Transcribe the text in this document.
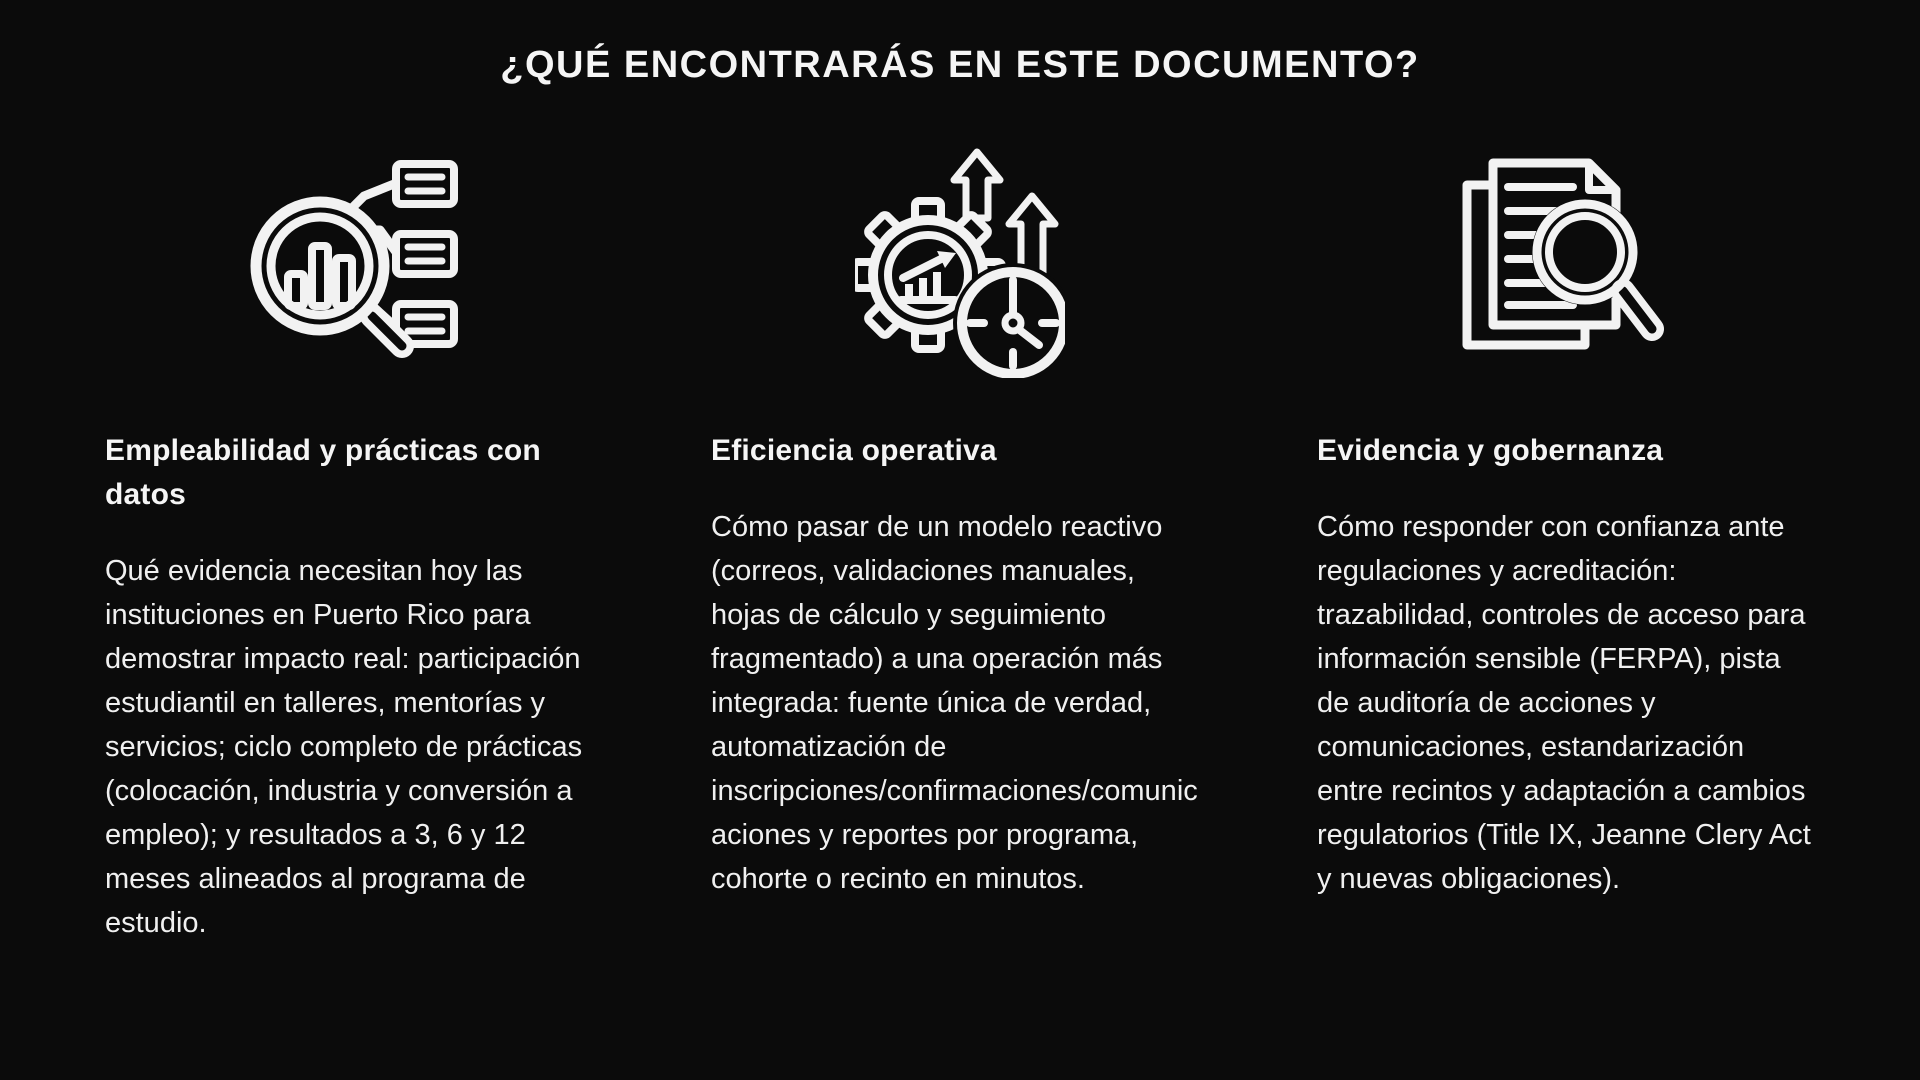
¿QUÉ ENCONTRARÁS EN ESTE DOCUMENTO?
Empleabilidad y prácticas con datos

Qué evidencia necesitan hoy las instituciones en Puerto Rico para demostrar impacto real: participación estudiantil en talleres, mentorías y servicios; ciclo completo de prácticas (colocación, industria y conversión a empleo); y resultados a 3, 6 y 12 meses alineados al programa de estudio.

Eficiencia operativa

Cómo pasar de un modelo reactivo (correos, validaciones manuales, hojas de cálculo y seguimiento fragmentado) a una operación más integrada: fuente única de verdad, automatización de inscripciones/confirmaciones/comunicaciones y reportes por programa, cohorte o recinto en minutos.

Evidencia y gobernanza

Cómo responder con confianza ante regulaciones y acreditación: trazabilidad, controles de acceso para información sensible (FERPA), pista de auditoría de acciones y comunicaciones, estandarización entre recintos y adaptación a cambios regulatorios (Title IX, Jeanne Clery Act y nuevas obligaciones).
